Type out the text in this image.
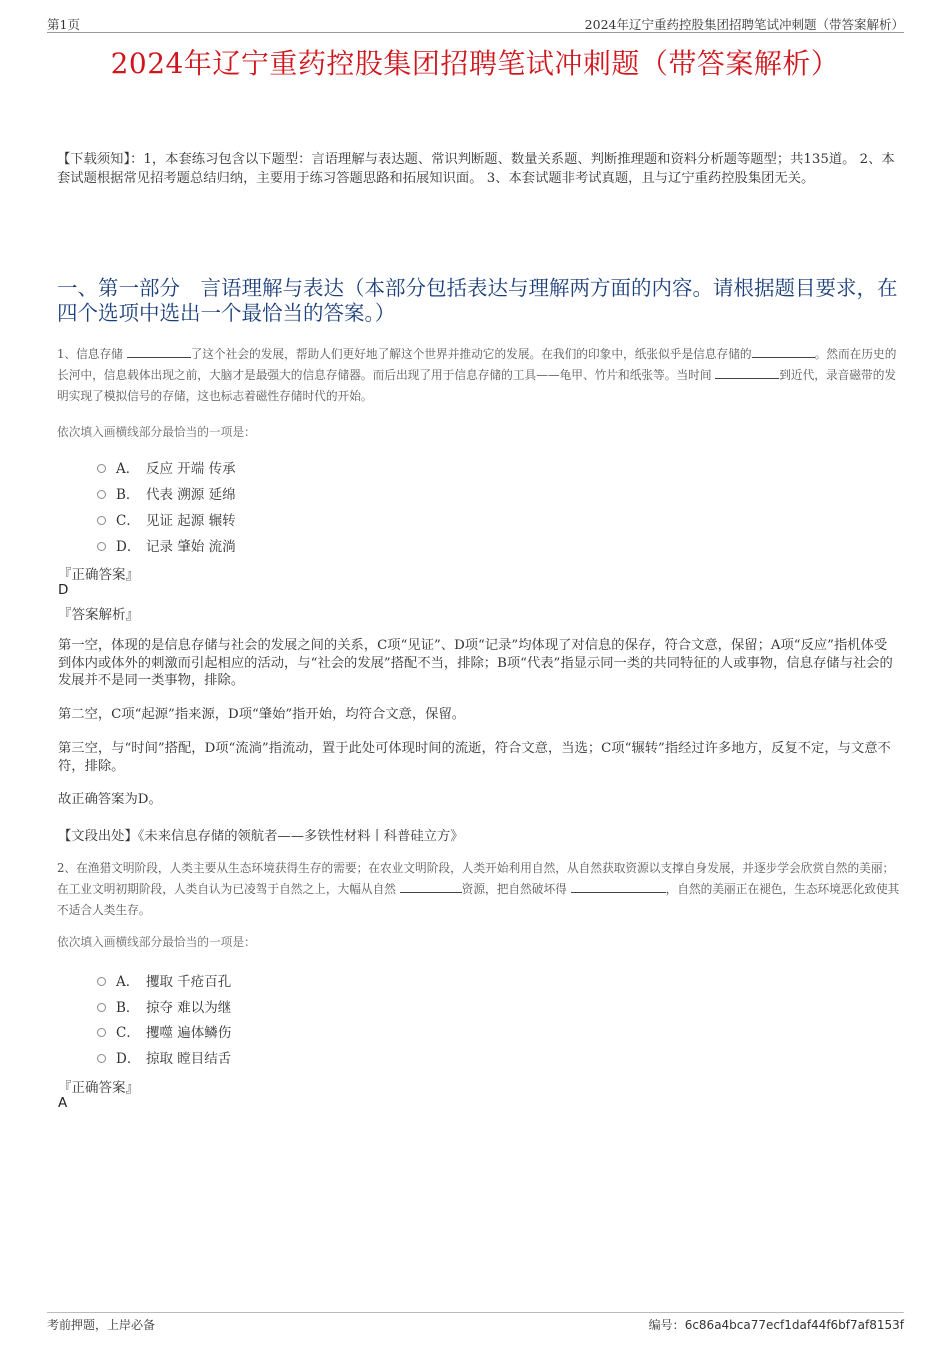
第1页	2024年辽宁重药控股集团招聘笔试冲刺题（带答案解析）
2024年辽宁重药控股集团招聘笔试冲刺题（带答案解析）
【下载须知】：1，本套练习包含以下题型：言语理解与表达题、常识判断题、数量关系题、判断推理题和资料分析题等题型；共135道。 2、本套试题根据常见招考题总结归纳，主要用于练习答题思路和拓展知识面。 3、本套试题非考试真题，且与辽宁重药控股集团无关。
一、第一部分　言语理解与表达（本部分包括表达与理解两方面的内容。请根据题目要求，在四个选项中选出一个最恰当的答案。）
1、信息存储	了这个社会的发展，帮助人们更好地了解这个世界并推动它的发展。在我们的印象中，纸张似乎是信息存储的	。然而在历史的长河中，信息载体出现之前，大脑才是最强大的信息存储器。而后出现了用于信息存储的工具——龟甲、竹片和纸张等。当时间	到近代，录音磁带的发明实现了模拟信号的存储，这也标志着磁性存储时代的开始。
依次填入画横线部分最恰当的一项是：
A． 反应 开端 传承
B． 代表 溯源 延绵
C． 见证 起源 辗转
D． 记录 肇始 流淌
『正确答案』
D
『答案解析』
第一空，体现的是信息存储与社会的发展之间的关系，C项“见证”、D项“记录”均体现了对信息的保存，符合文意，保留；A项“反应”指机体受到体内或体外的刺激而引起相应的活动，与“社会的发展”搭配不当，排除；B项“代表”指显示同一类的共同特征的人或事物，信息存储与社会的发展并不是同一类事物，排除。
第二空，C项“起源”指来源，D项“肇始”指开始，均符合文意，保留。
第三空，与“时间”搭配，D项“流淌”指流动，置于此处可体现时间的流逝，符合文意，当选；C项“辗转”指经过许多地方，反复不定，与文意不符，排除。
故正确答案为D。
【文段出处】《未来信息存储的领航者——多铁性材料丨科普硅立方》
2、在渔猎文明阶段，人类主要从生态环境获得生存的需要；在农业文明阶段，人类开始利用自然，从自然获取资源以支撑自身发展，并逐步学会欣赏自然的美丽；在工业文明初期阶段，人类自认为已凌驾于自然之上，大幅从自然	资源，把自然破坏得	，自然的美丽正在褪色，生态环境恶化致使其不适合人类生存。
依次填入画横线部分最恰当的一项是：
A． 攫取 千疮百孔
B． 掠夺 难以为继
C． 攫噬 遍体鳞伤
D． 掠取 瞠目结舌
『正确答案』
A
考前押题，上岸必备	编号：6c86a4bca77ecf1daf44f6bf7af8153f
